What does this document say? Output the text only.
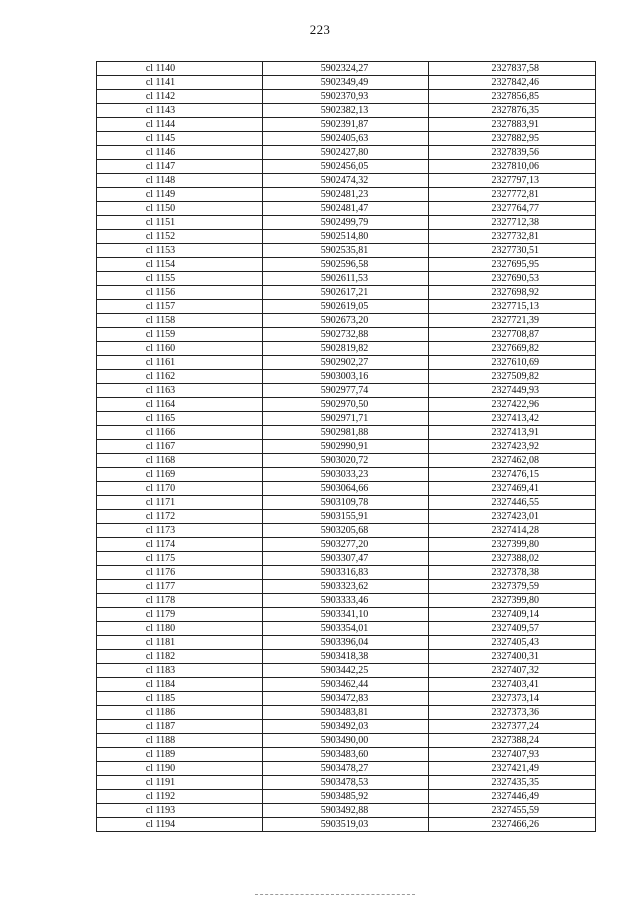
223
cl 1140	5902324,27	2327837,58
cl 1141	5902349,49	2327842,46
cl 1142	5902370,93	2327856,85
cl 1143	5902382,13	2327876,35
cl 1144	5902391,87	2327883,91
cl 1145	5902405,63	2327882,95
cl 1146	5902427,80	2327839,56
cl 1147	5902456,05	2327810,06
cl 1148	5902474,32	2327797,13
cl 1149	5902481,23	2327772,81
cl 1150	5902481,47	2327764,77
cl 1151	5902499,79	2327712,38
cl 1152	5902514,80	2327732,81
cl 1153	5902535,81	2327730,51
cl 1154	5902596,58	2327695,95
cl 1155	5902611,53	2327690,53
cl 1156	5902617,21	2327698,92
cl 1157	5902619,05	2327715,13
cl 1158	5902673,20	2327721,39
cl 1159	5902732,88	2327708,87
cl 1160	5902819,82	2327669,82
cl 1161	5902902,27	2327610,69
cl 1162	5903003,16	2327509,82
cl 1163	5902977,74	2327449,93
cl 1164	5902970,50	2327422,96
cl 1165	5902971,71	2327413,42
cl 1166	5902981,88	2327413,91
cl 1167	5902990,91	2327423,92
cl 1168	5903020,72	2327462,08
cl 1169	5903033,23	2327476,15
cl 1170	5903064,66	2327469,41
cl 1171	5903109,78	2327446,55
cl 1172	5903155,91	2327423,01
cl 1173	5903205,68	2327414,28
cl 1174	5903277,20	2327399,80
cl 1175	5903307,47	2327388,02
cl 1176	5903316,83	2327378,38
cl 1177	5903323,62	2327379,59
cl 1178	5903333,46	2327399,80
cl 1179	5903341,10	2327409,14
cl 1180	5903354,01	2327409,57
cl 1181	5903396,04	2327405,43
cl 1182	5903418,38	2327400,31
cl 1183	5903442,25	2327407,32
cl 1184	5903462,44	2327403,41
cl 1185	5903472,83	2327373,14
cl 1186	5903483,81	2327373,36
cl 1187	5903492,03	2327377,24
cl 1188	5903490,00	2327388,24
cl 1189	5903483,60	2327407,93
cl 1190	5903478,27	2327421,49
cl 1191	5903478,53	2327435,35
cl 1192	5903485,92	2327446,49
cl 1193	5903492,88	2327455,59
cl 1194	5903519,03	2327466,26
